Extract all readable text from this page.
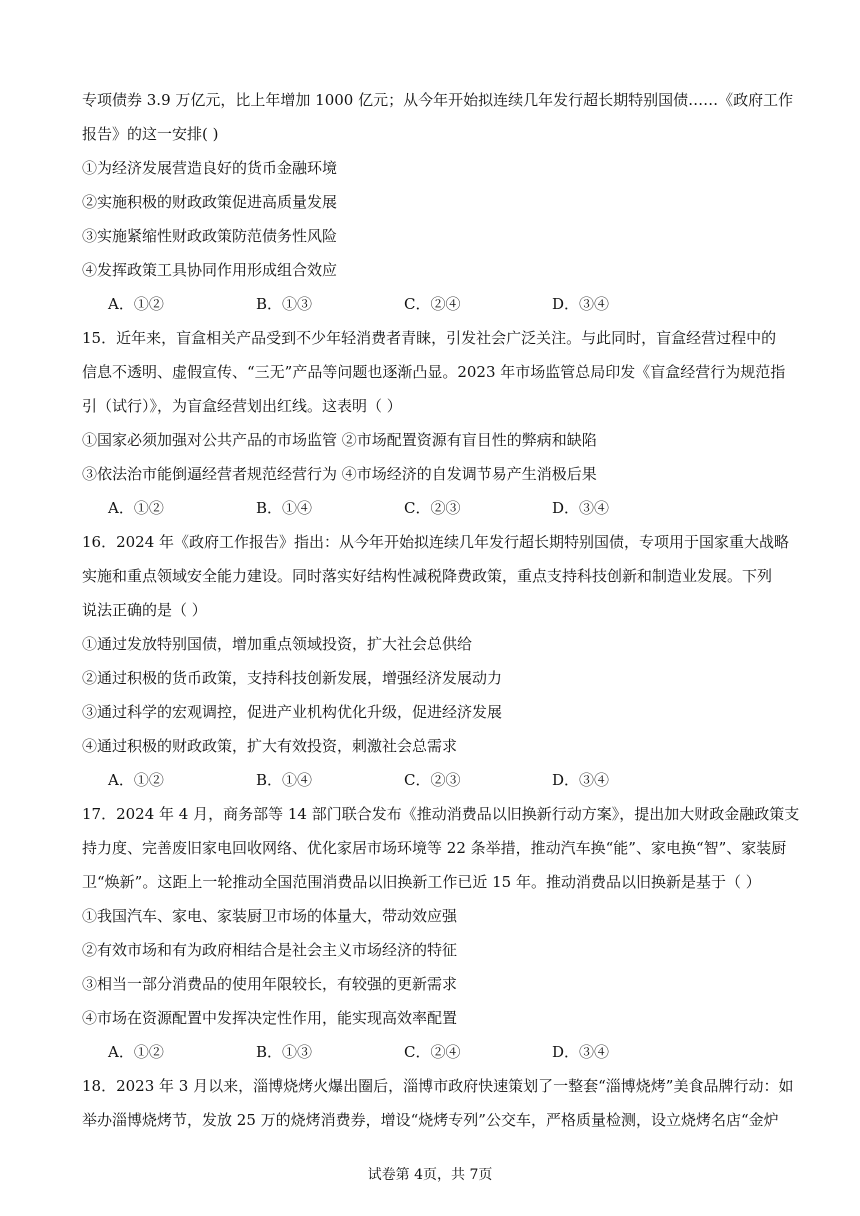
专项债券 3.9 万亿元，比上年增加 1000 亿元；从今年开始拟连续几年发行超长期特别国债……《政府工作
报告》的这一安排( )
①为经济发展营造良好的货币金融环境
②实施积极的财政政策促进高质量发展
③实施紧缩性财政政策防范债务性风险
④发挥政策工具协同作用形成组合效应
A．①②	B．①③	C．②④	D．③④
15．近年来，盲盒相关产品受到不少年轻消费者青睐，引发社会广泛关注。与此同时，盲盒经营过程中的
信息不透明、虚假宣传、“三无”产品等问题也逐渐凸显。2023 年市场监管总局印发《盲盒经营行为规范指
引（试行）》，为盲盒经营划出红线。这表明（ ）
①国家必须加强对公共产品的市场监管 ②市场配置资源有盲目性的弊病和缺陷
③依法治市能倒逼经营者规范经营行为 ④市场经济的自发调节易产生消极后果
A．①②	B．①④	C．②③	D．③④
16．2024 年《政府工作报告》指出：从今年开始拟连续几年发行超长期特别国债，专项用于国家重大战略
实施和重点领域安全能力建设。同时落实好结构性减税降费政策，重点支持科技创新和制造业发展。下列
说法正确的是（ ）
①通过发放特别国债，增加重点领域投资，扩大社会总供给
②通过积极的货币政策，支持科技创新发展，增强经济发展动力
③通过科学的宏观调控，促进产业机构优化升级，促进经济发展
④通过积极的财政政策，扩大有效投资，刺激社会总需求
A．①②	B．①④	C．②③	D．③④
17．2024 年 4 月，商务部等 14 部门联合发布《推动消费品以旧换新行动方案》，提出加大财政金融政策支
持力度、完善废旧家电回收网络、优化家居市场环境等 22 条举措，推动汽车换“能”、家电换“智”、家装厨
卫“焕新”。这距上一轮推动全国范围消费品以旧换新工作已近 15 年。推动消费品以旧换新是基于（ ）
①我国汽车、家电、家装厨卫市场的体量大，带动效应强
②有效市场和有为政府相结合是社会主义市场经济的特征
③相当一部分消费品的使用年限较长，有较强的更新需求
④市场在资源配置中发挥决定性作用，能实现高效率配置
A．①②	B．①③	C．②④	D．③④
18．2023 年 3 月以来，淄博烧烤火爆出圈后，淄博市政府快速策划了一整套“淄博烧烤”美食品牌行动：如
举办淄博烧烤节，发放 25 万的烧烤消费券，增设“烧烤专列”公交车，严格质量检测，设立烧烤名店“金炉
试卷第 4页，共 7页
